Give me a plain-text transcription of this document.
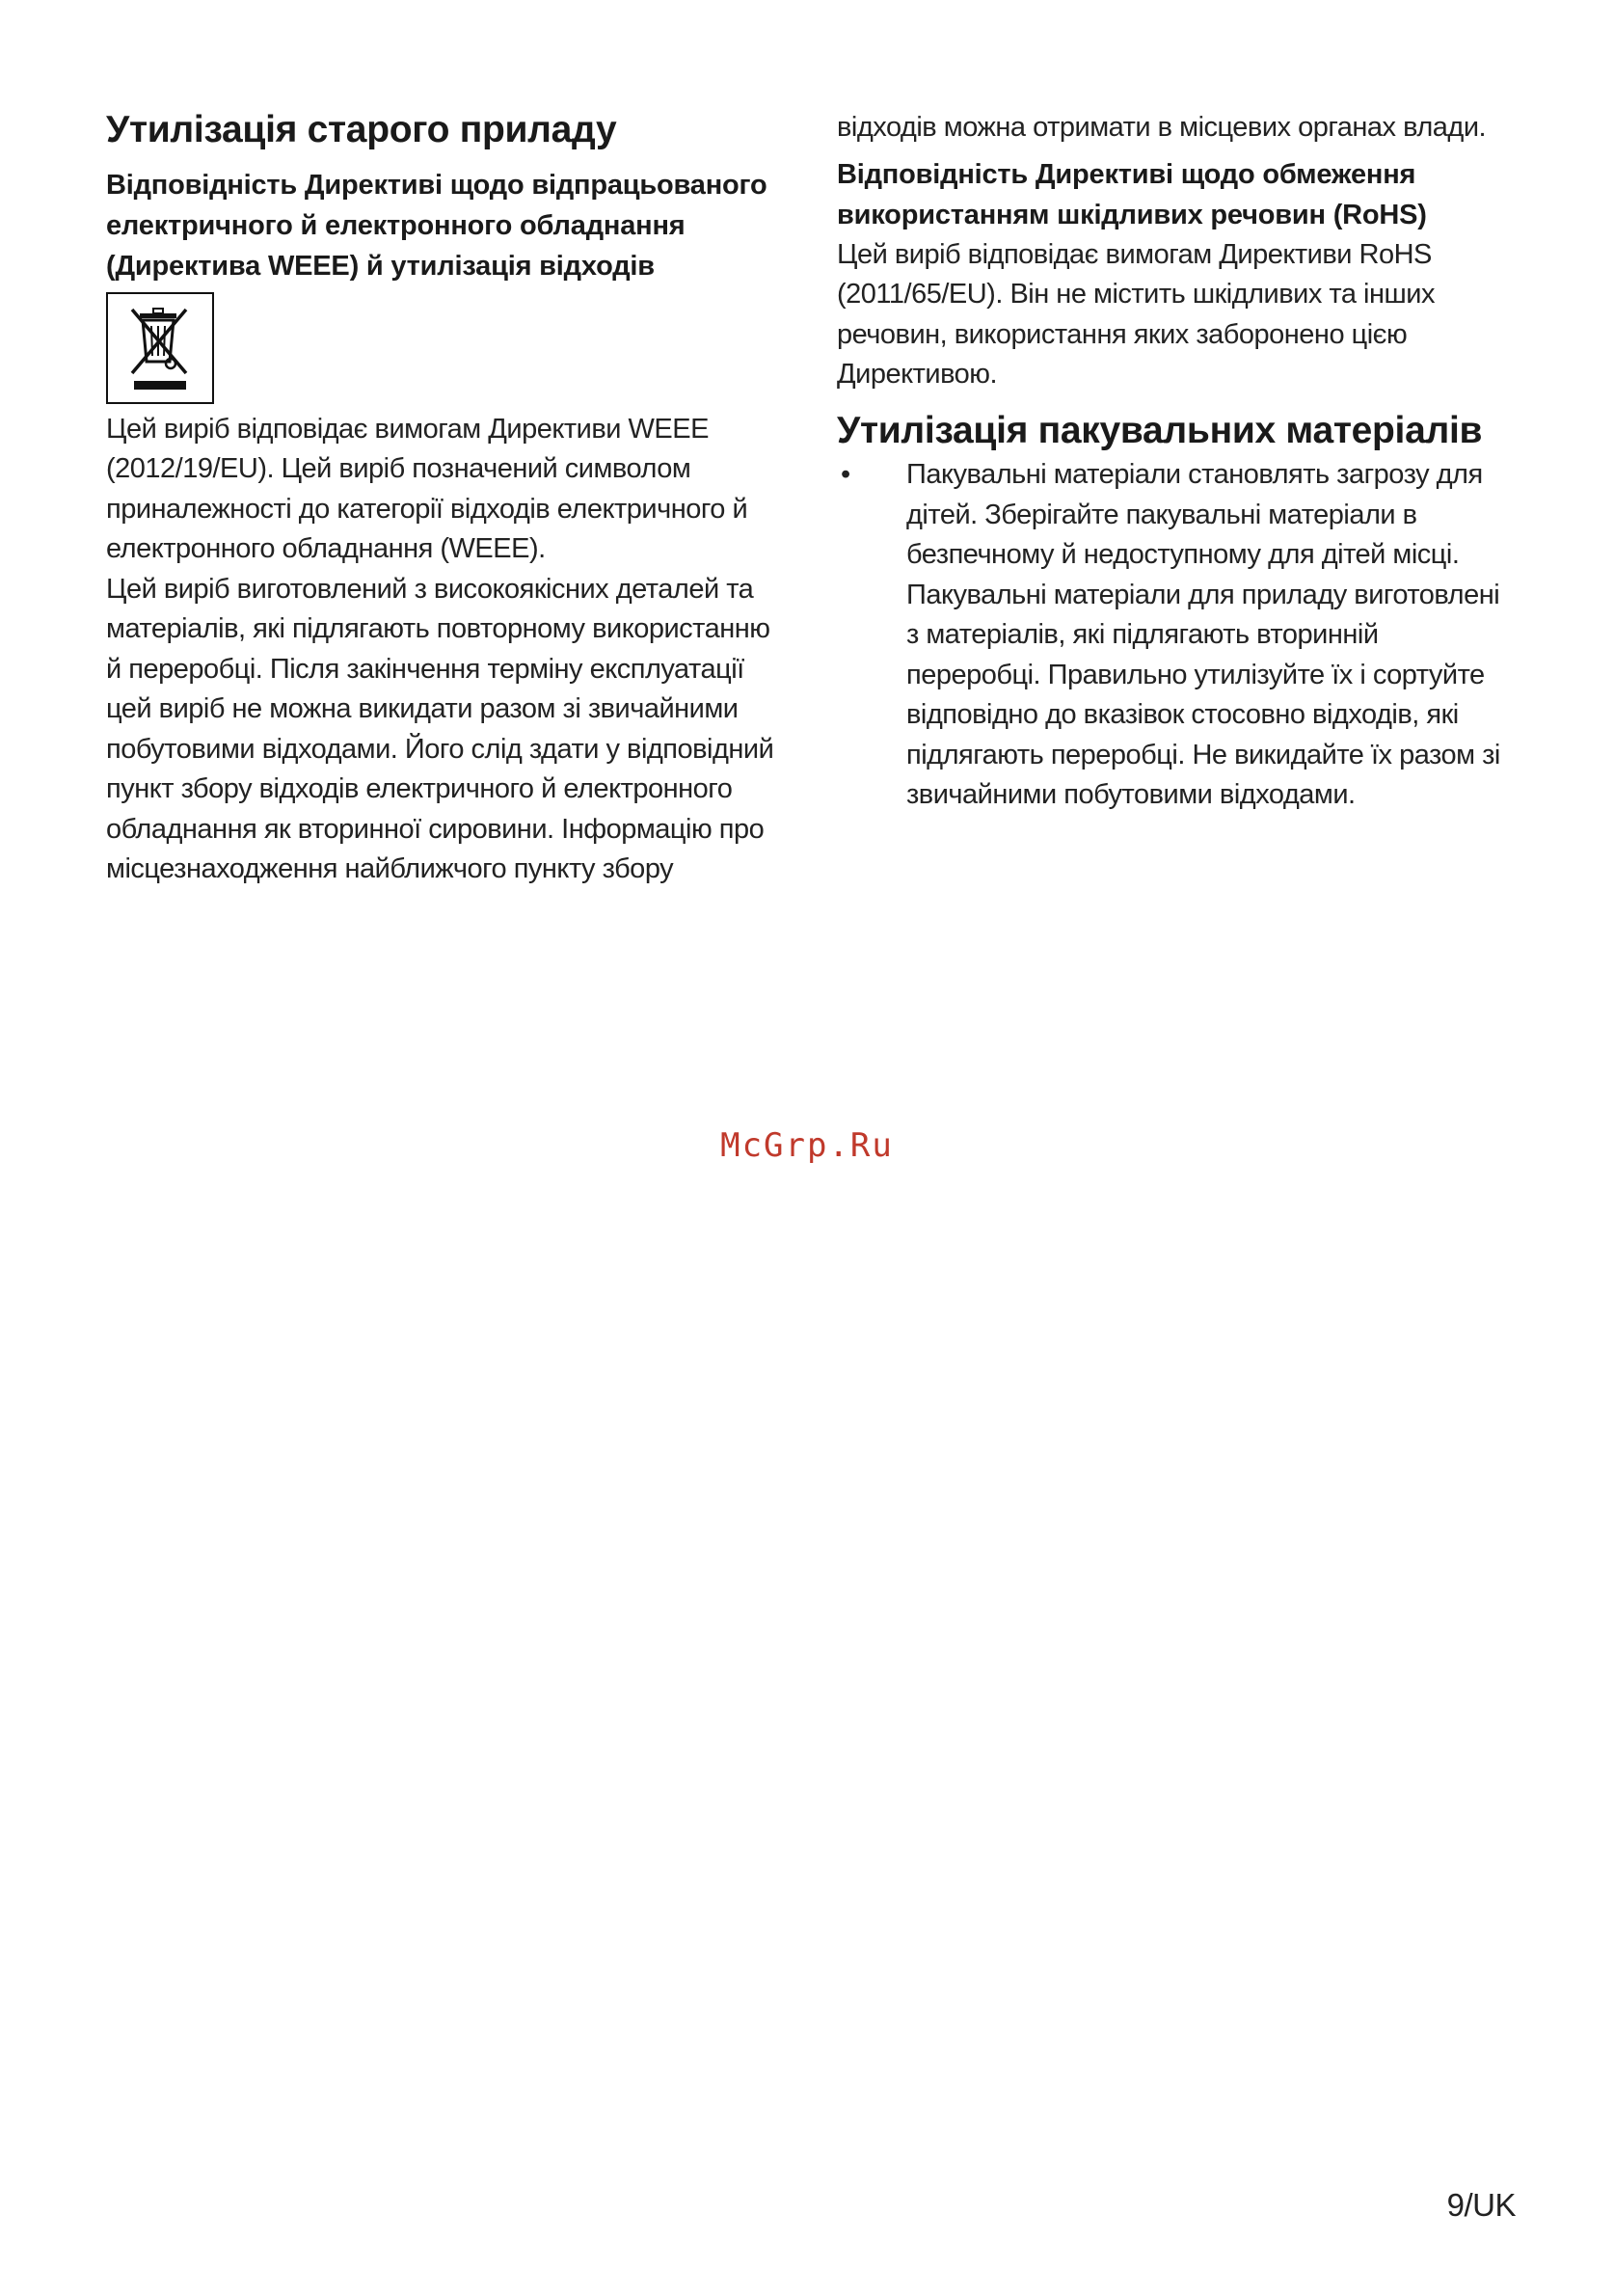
Утилізація старого приладу
Відповідність Директиві щодо відпрацьованого електричного й електронного обладнання (Директива WEEE) й утилізація відходів

Цей виріб відповідає вимогам Директиви WEEE (2012/19/EU). Цей виріб позначений символом приналежності до категорії відходів електричного й електронного обладнання (WEEE).

Цей виріб виготовлений з високоякісних деталей та матеріалів, які підлягають повторному використанню й переробці. Після закінчення терміну експлуатації цей виріб не можна викидати разом зі звичайними побутовими відходами. Його слід здати у відповідний пункт збору відходів електричного й електронного обладнання як вторинної сировини. Інформацію про місцезнаходження найближчого пункту збору

відходів можна отримати в місцевих органах влади.

Відповідність Директиві щодо обмеження використанням шкідливих речовин (RoHS)

Цей виріб відповідає вимогам Директиви RoHS (2011/65/EU). Він не містить шкідливих та інших речовин, використання яких заборонено цією Директивою.

Утилізація пакувальних матеріалів
• Пакувальні матеріали становлять загрозу для дітей. Зберігайте пакувальні матеріали в безпечному й недоступному для дітей місці. Пакувальні матеріали для приладу виготовлені з матеріалів, які підлягають вторинній переробці. Правильно утилізуйте їх і сортуйте відповідно до вказівок стосовно відходів, які підлягають переробці. Не викидайте їх разом зі звичайними побутовими відходами.
McGrp.Ru
9/UK
